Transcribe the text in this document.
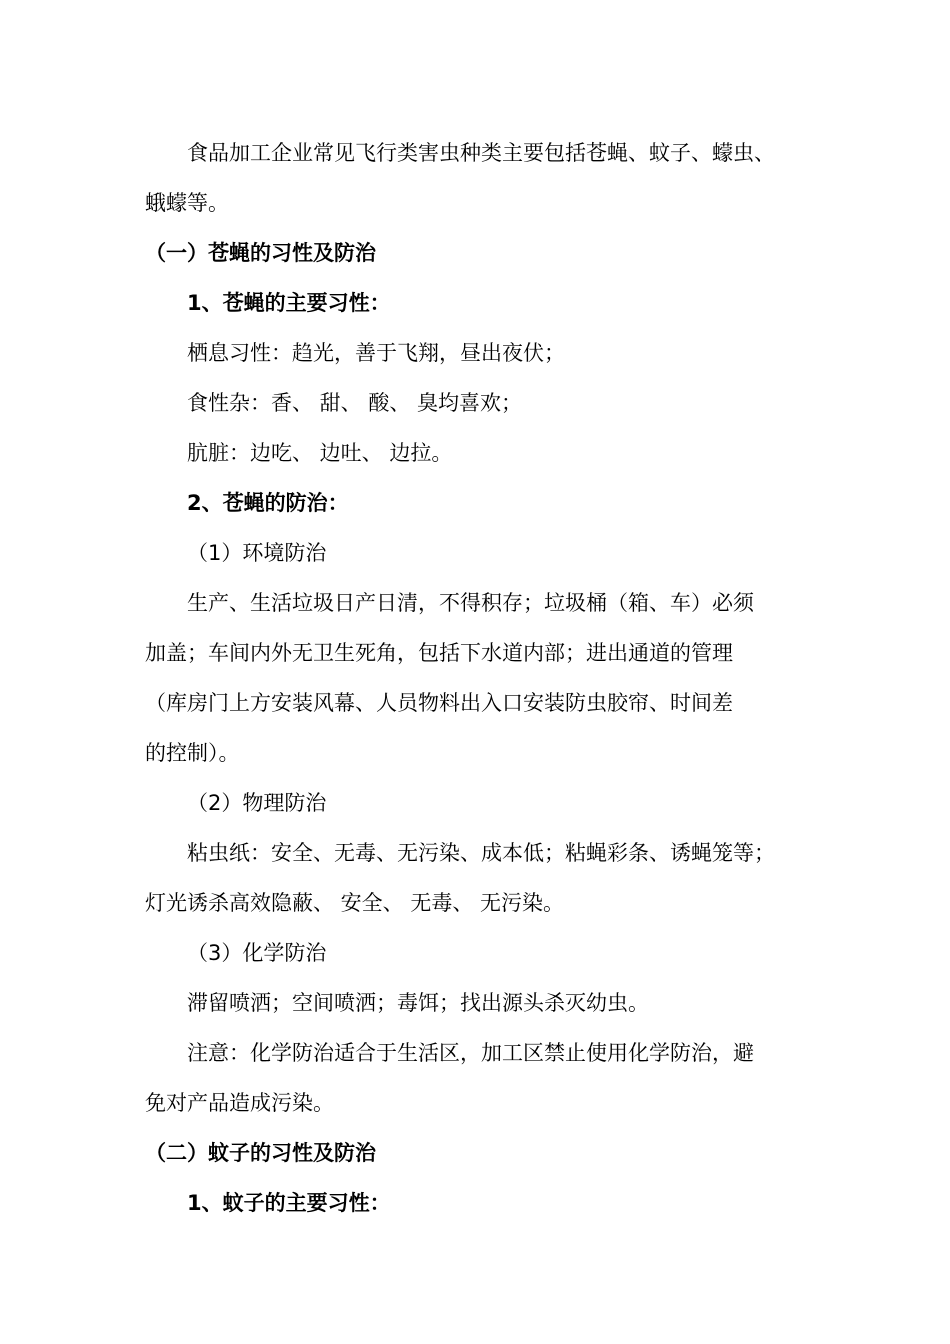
食品加工企业常见飞行类害虫种类主要包括苍蝇、蚊子、蠓虫、
蛾蠓等。
（一）苍蝇的习性及防治
1、苍蝇的主要习性：
栖息习性：趋光，善于飞翔，昼出夜伏；
食性杂：香、 甜、 酸、 臭均喜欢；
肮脏：边吃、 边吐、 边拉。
2、苍蝇的防治：
（1）环境防治
生产、生活垃圾日产日清，不得积存；垃圾桶（箱、车）必须
加盖；车间内外无卫生死角，包括下水道内部；进出通道的管理
（库房门上方安装风幕、人员物料出入口安装防虫胶帘、时间差
的控制）。
（2）物理防治
粘虫纸：安全、无毒、无污染、成本低；粘蝇彩条、诱蝇笼等；
灯光诱杀高效隐蔽、 安全、 无毒、 无污染。
（3）化学防治
滞留喷洒；空间喷洒；毒饵；找出源头杀灭幼虫。
注意：化学防治适合于生活区，加工区禁止使用化学防治，避
免对产品造成污染。
（二）蚊子的习性及防治
1、蚊子的主要习性：
